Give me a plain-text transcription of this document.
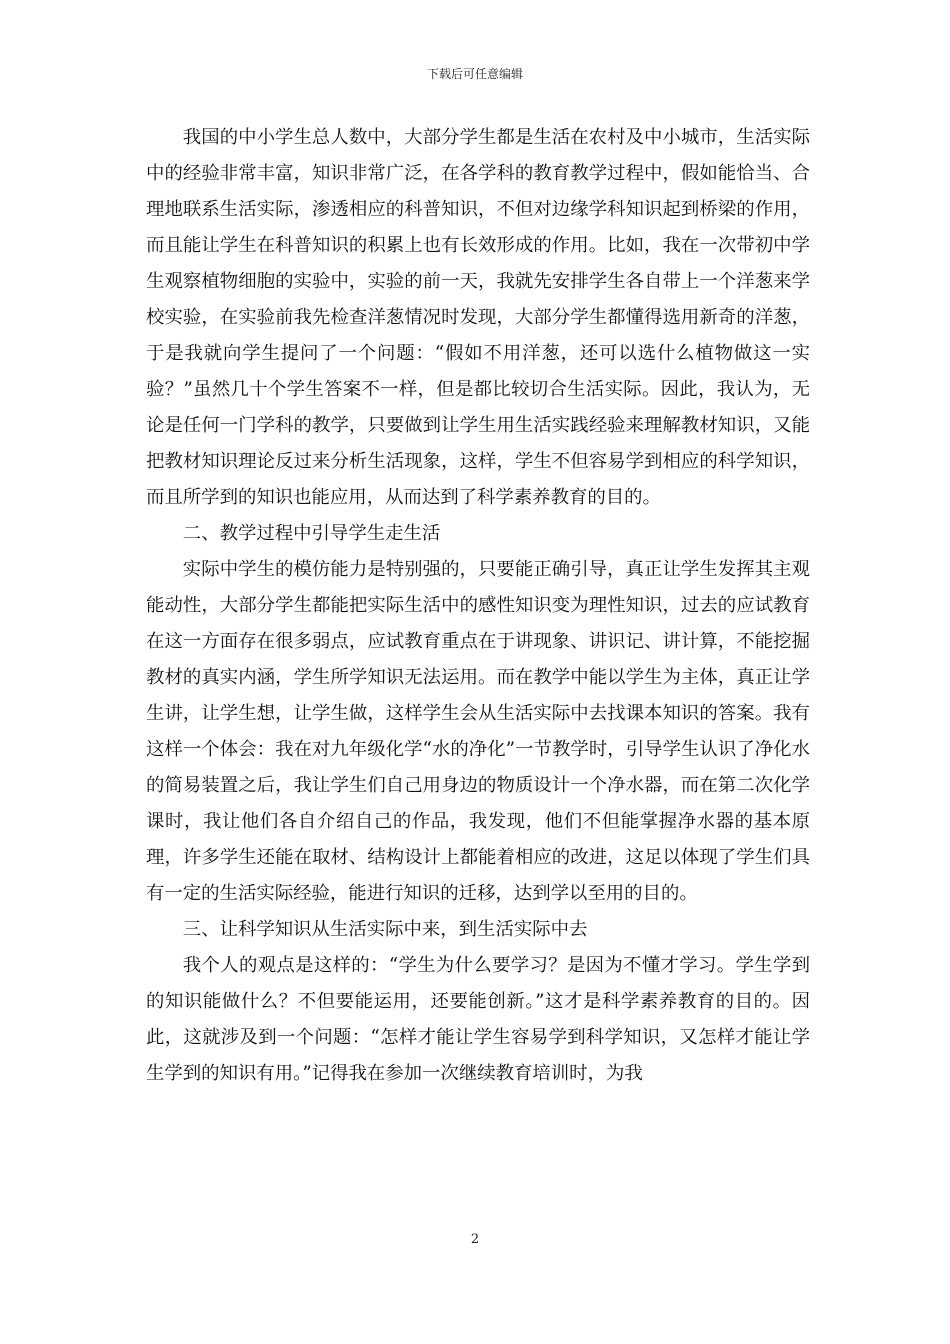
下载后可任意编辑

我国的中小学生总人数中，大部分学生都是生活在农村及中小城市，生活实际中的经验非常丰富，知识非常广泛，在各学科的教育教学过程中，假如能恰当、合理地联系生活实际，渗透相应的科普知识，不但对边缘学科知识起到桥梁的作用，而且能让学生在科普知识的积累上也有长效形成的作用。比如，我在一次带初中学生观察植物细胞的实验中，实验的前一天，我就先安排学生各自带上一个洋葱来学校实验，在实验前我先检查洋葱情况时发现，大部分学生都懂得选用新奇的洋葱，于是我就向学生提问了一个问题：“假如不用洋葱，还可以选什么植物做这一实验？”虽然几十个学生答案不一样，但是都比较切合生活实际。因此，我认为，无论是任何一门学科的教学，只要做到让学生用生活实践经验来理解教材知识，又能把教材知识理论反过来分析生活现象，这样，学生不但容易学到相应的科学知识，而且所学到的知识也能应用，从而达到了科学素养教育的目的。

二、教学过程中引导学生走生活

实际中学生的模仿能力是特别强的，只要能正确引导，真正让学生发挥其主观能动性，大部分学生都能把实际生活中的感性知识变为理性知识，过去的应试教育在这一方面存在很多弱点，应试教育重点在于讲现象、讲识记、讲计算，不能挖掘教材的真实内涵，学生所学知识无法运用。而在教学中能以学生为主体，真正让学生讲，让学生想，让学生做，这样学生会从生活实际中去找课本知识的答案。我有这样一个体会：我在对九年级化学“水的净化”一节教学时，引导学生认识了净化水的简易装置之后，我让学生们自己用身边的物质设计一个净水器，而在第二次化学课时，我让他们各自介绍自己的作品，我发现，他们不但能掌握净水器的基本原理，许多学生还能在取材、结构设计上都能着相应的改进，这足以体现了学生们具有一定的生活实际经验，能进行知识的迁移，达到学以至用的目的。

三、让科学知识从生活实际中来，到生活实际中去

我个人的观点是这样的：“学生为什么要学习？是因为不懂才学习。学生学到的知识能做什么？不但要能运用，还要能创新。”这才是科学素养教育的目的。因此，这就涉及到一个问题：“怎样才能让学生容易学到科学知识，又怎样才能让学生学到的知识有用。”记得我在参加一次继续教育培训时，为我

2
